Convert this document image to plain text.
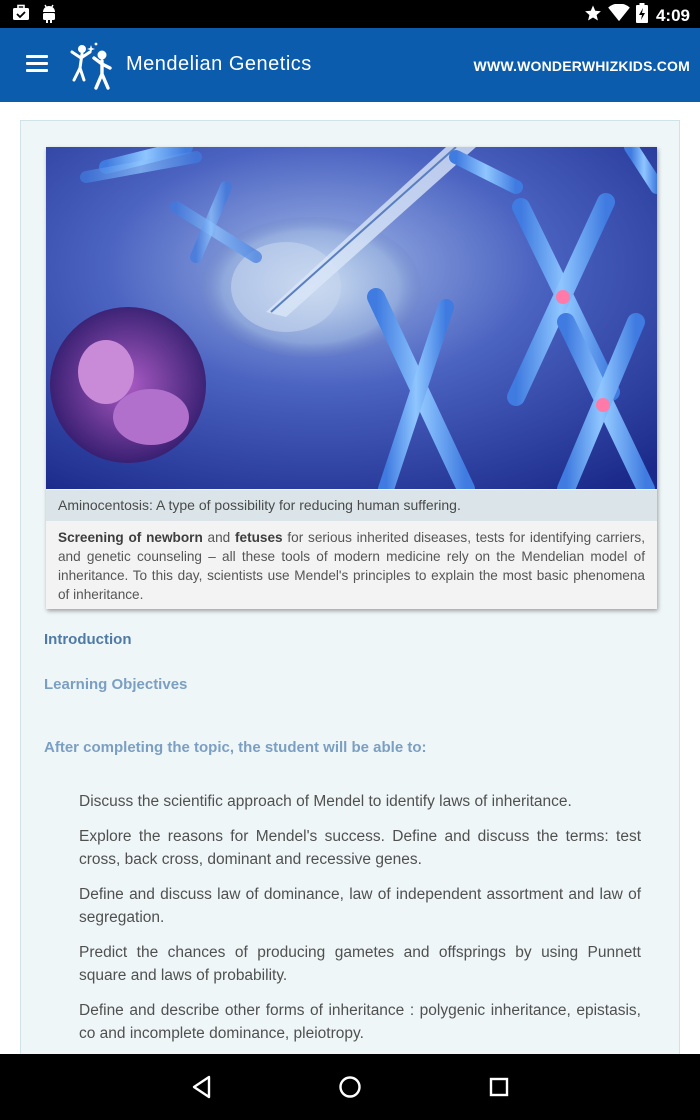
4:09
Mendelian Genetics	WWW.WONDERWHIZKIDS.COM
Aminocentosis: A type of possibility for reducing human suffering.

Screening of newborn and fetuses for serious inherited diseases, tests for identifying carriers, and genetic counseling – all these tools of modern medicine rely on the Mendelian model of inheritance. To this day, scientists use Mendel's principles to explain the most basic phenomena of inheritance.

Introduction
Learning Objectives
After completing the topic, the student will be able to:
Discuss the scientific approach of Mendel to identify laws of inheritance.
Explore the reasons for Mendel's success. Define and discuss the terms: test cross, back cross, dominant and recessive genes.
Define and discuss law of dominance, law of independent assortment and law of segregation.
Predict the chances of producing gametes and offsprings by using Punnett square and laws of probability.
Define and describe other forms of inheritance : polygenic inheritance, epistasis, co and incomplete dominance, pleiotropy.
